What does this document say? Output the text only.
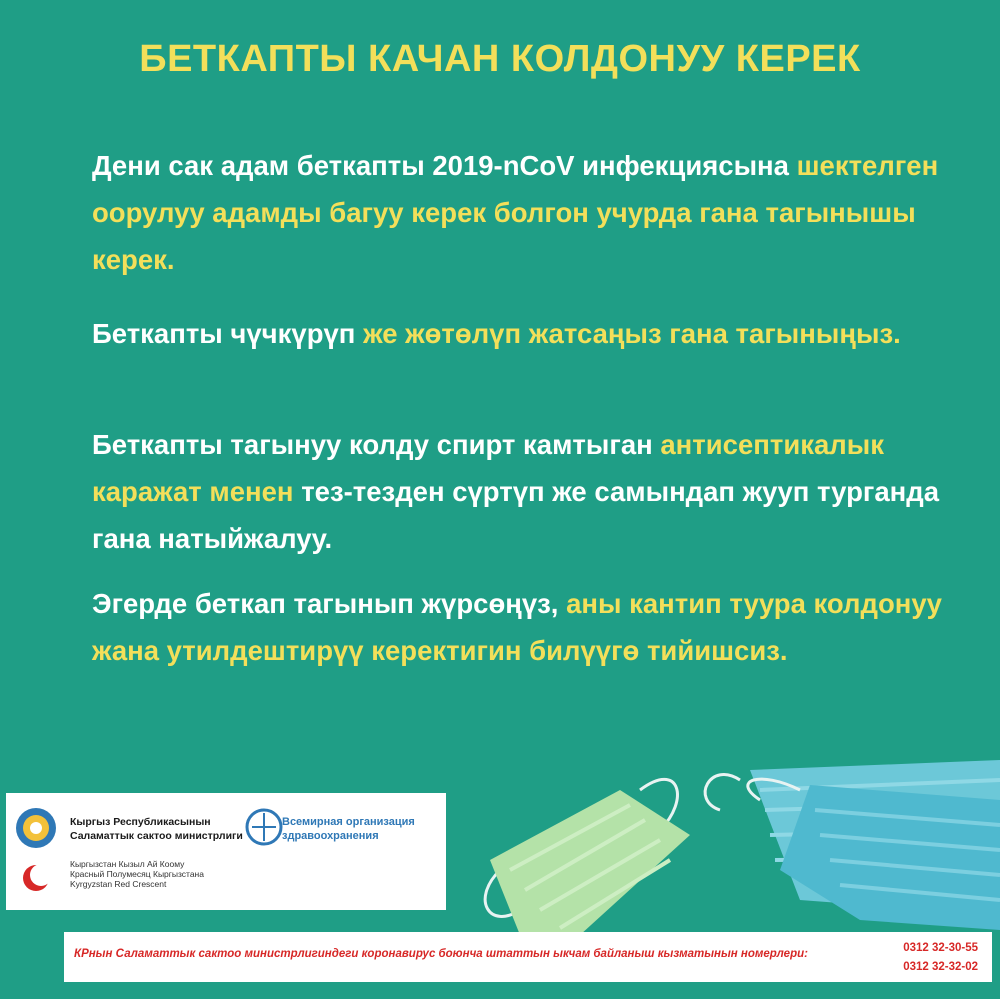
БЕТКАПТЫ КАЧАН КОЛДОНУУ КЕРЕК
Дени сак адам беткапты 2019-nCoV инфекциясына шектелген оорулуу адамды багуу керек болгон учурда гана тагынышы керек.
Беткапты чүчкүрүп же жөтөлүп жатсаңыз гана тагыныңыз.
Беткапты тагынуу колду спирт камтыган антисептикалык каражат менен тез-тезден сүртүп же самындап жууп турганда гана натыйжалуу.
Эгерде беткап тагынып жүрсөңүз, аны кантип туура колдонуу жана утилдештирүү керектигин билүүгө тийишсиз.
Кыргыз Республикасынын
Саламаттык сактоо министрлиги
Всемирная организация
здравоохранения
Кыргызстан Кызыл Ай Коому
Красный Полумесяц Кыргызстана
Kyrgyzstan Red Crescent
КРнын Саламаттык сактоо министрлигиндеги коронавирус боюнча штаттын ыкчам байланыш кызматынын номерлери:	0312 32-30-55
0312 32-32-02
